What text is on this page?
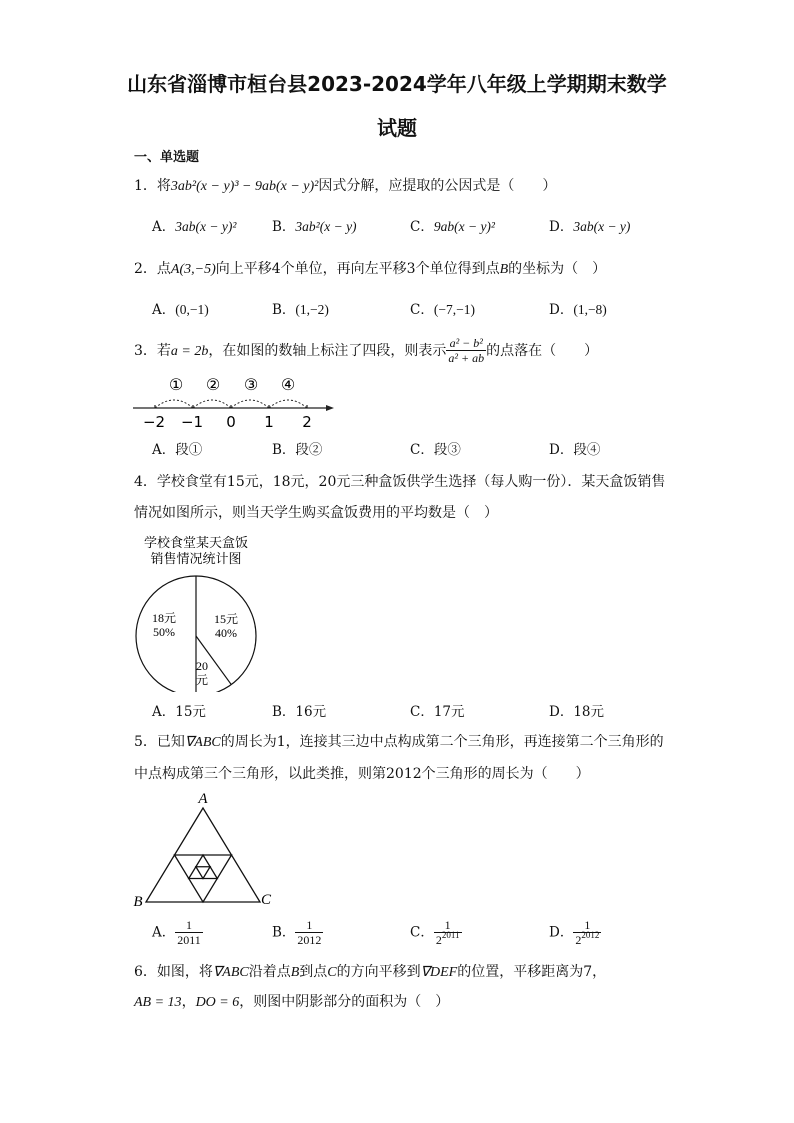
山东省淄博市桓台县2023-2024学年八年级上学期期末数学
试题
一、单选题
1．将3ab²(x − y)³ − 9ab(x − y)²因式分解，应提取的公因式是（　　）
A．3ab(x − y)²	B．3ab²(x − y)	C．9ab(x − y)²	D．3ab(x − y)
2．点A(3,−5)向上平移4个单位，再向左平移3个单位得到点B的坐标为（　）
A．(0,−1)	B．(1,−2)	C．(−7,−1)	D．(1,−8)
3．若a = 2b，在如图的数轴上标注了四段，则表示 $\frac{\text{a² − b²}}{\text{a² + ab}}$ 的点落在（　　）
① ② ③ ④
−2 −1 0 1 2
A．段①	B．段②	C．段③	D．段④
4．学校食堂有15元，18元，20元三种盒饭供学生选择（每人购一份）．某天盒饭销售
情况如图所示，则当天学生购买盒饭费用的平均数是（　）
学校食堂某天盒饭
销售情况统计图
18元
50%
15元
40%
20
元
A．15元	B．16元	C．17元	D．18元
5．已知∇ABC的周长为1，连接其三边中点构成第二个三角形，再连接第二个三角形的
中点构成第三个三角形，以此类推，则第2012个三角形的周长为（　　）
A
B	C
A． $\frac{1}{2011}$	B． $\frac{1}{2012}$	C． $\frac{1}{2^{2011}}$	D． $\frac{1}{2^{2012}}$
6．如图，将∇ABC沿着点B到点C的方向平移到∇DEF的位置，平移距离为7，
AB = 13，DO = 6，则图中阴影部分的面积为（　）
